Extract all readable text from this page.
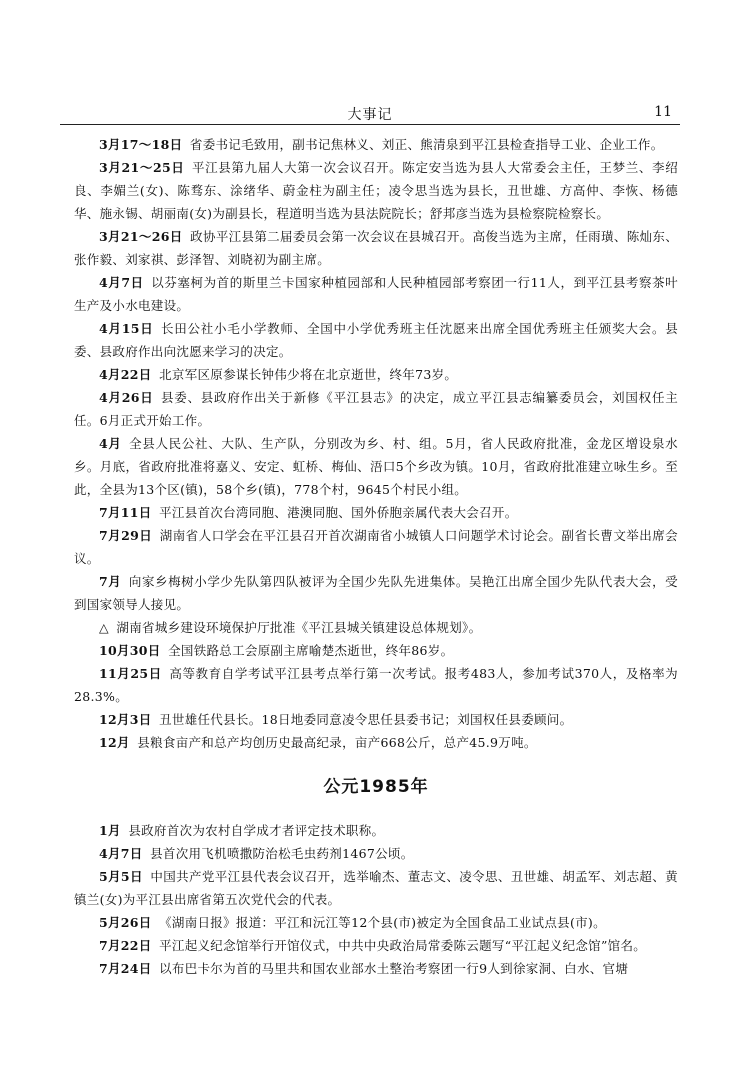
大事记	11

3月17～18日 省委书记毛致用，副书记焦林义、刘正、熊清泉到平江县检查指导工业、企业工作。

3月21～25日 平江县第九届人大第一次会议召开。陈定安当选为县人大常委会主任，王梦兰、李绍良、李媚兰(女)、陈骛东、涂绪华、蔚金柱为副主任；凌令思当选为县长，丑世雄、方高仲、李恢、杨德华、施永锡、胡丽南(女)为副县长，程道明当选为县法院院长；舒邦彦当选为县检察院检察长。

3月21～26日 政协平江县第二届委员会第一次会议在县城召开。高俊当选为主席，任雨璜、陈灿东、张作毅、刘家祺、彭泽智、刘晓初为副主席。

4月7日 以芬塞柯为首的斯里兰卡国家种植园部和人民种植园部考察团一行11人，到平江县考察茶叶生产及小水电建设。

4月15日 长田公社小毛小学教师、全国中小学优秀班主任沈愿来出席全国优秀班主任颁奖大会。县委、县政府作出向沈愿来学习的决定。

4月22日 北京军区原参谋长钟伟少将在北京逝世，终年73岁。

4月26日 县委、县政府作出关于新修《平江县志》的决定，成立平江县志编纂委员会，刘国权任主任。6月正式开始工作。

4月 全县人民公社、大队、生产队，分别改为乡、村、组。5月，省人民政府批准，金龙区增设泉水乡。月底，省政府批准将嘉义、安定、虹桥、梅仙、浯口5个乡改为镇。10月，省政府批准建立咏生乡。至此，全县为13个区(镇)，58个乡(镇)，778个村，9645个村民小组。

7月11日 平江县首次台湾同胞、港澳同胞、国外侨胞亲属代表大会召开。

7月29日 湖南省人口学会在平江县召开首次湖南省小城镇人口问题学术讨论会。副省长曹文举出席会议。

7月 向家乡梅树小学少先队第四队被评为全国少先队先进集体。吴艳江出席全国少先队代表大会，受到国家领导人接见。

△ 湖南省城乡建设环境保护厅批准《平江县城关镇建设总体规划》。

10月30日 全国铁路总工会原副主席喻楚杰逝世，终年86岁。

11月25日 高等教育自学考试平江县考点举行第一次考试。报考483人，参加考试370人，及格率为28.3%。

12月3日 丑世雄任代县长。18日地委同意凌令思任县委书记；刘国权任县委顾问。

12月 县粮食亩产和总产均创历史最高纪录，亩产668公斤，总产45.9万吨。

公元1985年

1月 县政府首次为农村自学成才者评定技术职称。

4月7日 县首次用飞机喷撒防治松毛虫药剂1467公顷。

5月5日 中国共产党平江县代表会议召开，选举喻杰、董志文、凌令思、丑世雄、胡孟军、刘志超、黄镇兰(女)为平江县出席省第五次党代会的代表。

5月26日 《湖南日报》报道：平江和沅江等12个县(市)被定为全国食品工业试点县(市)。

7月22日 平江起义纪念馆举行开馆仪式，中共中央政治局常委陈云题写“平江起义纪念馆”馆名。

7月24日 以布巴卡尔为首的马里共和国农业部水土整治考察团一行9人到徐家洞、白水、官塘
